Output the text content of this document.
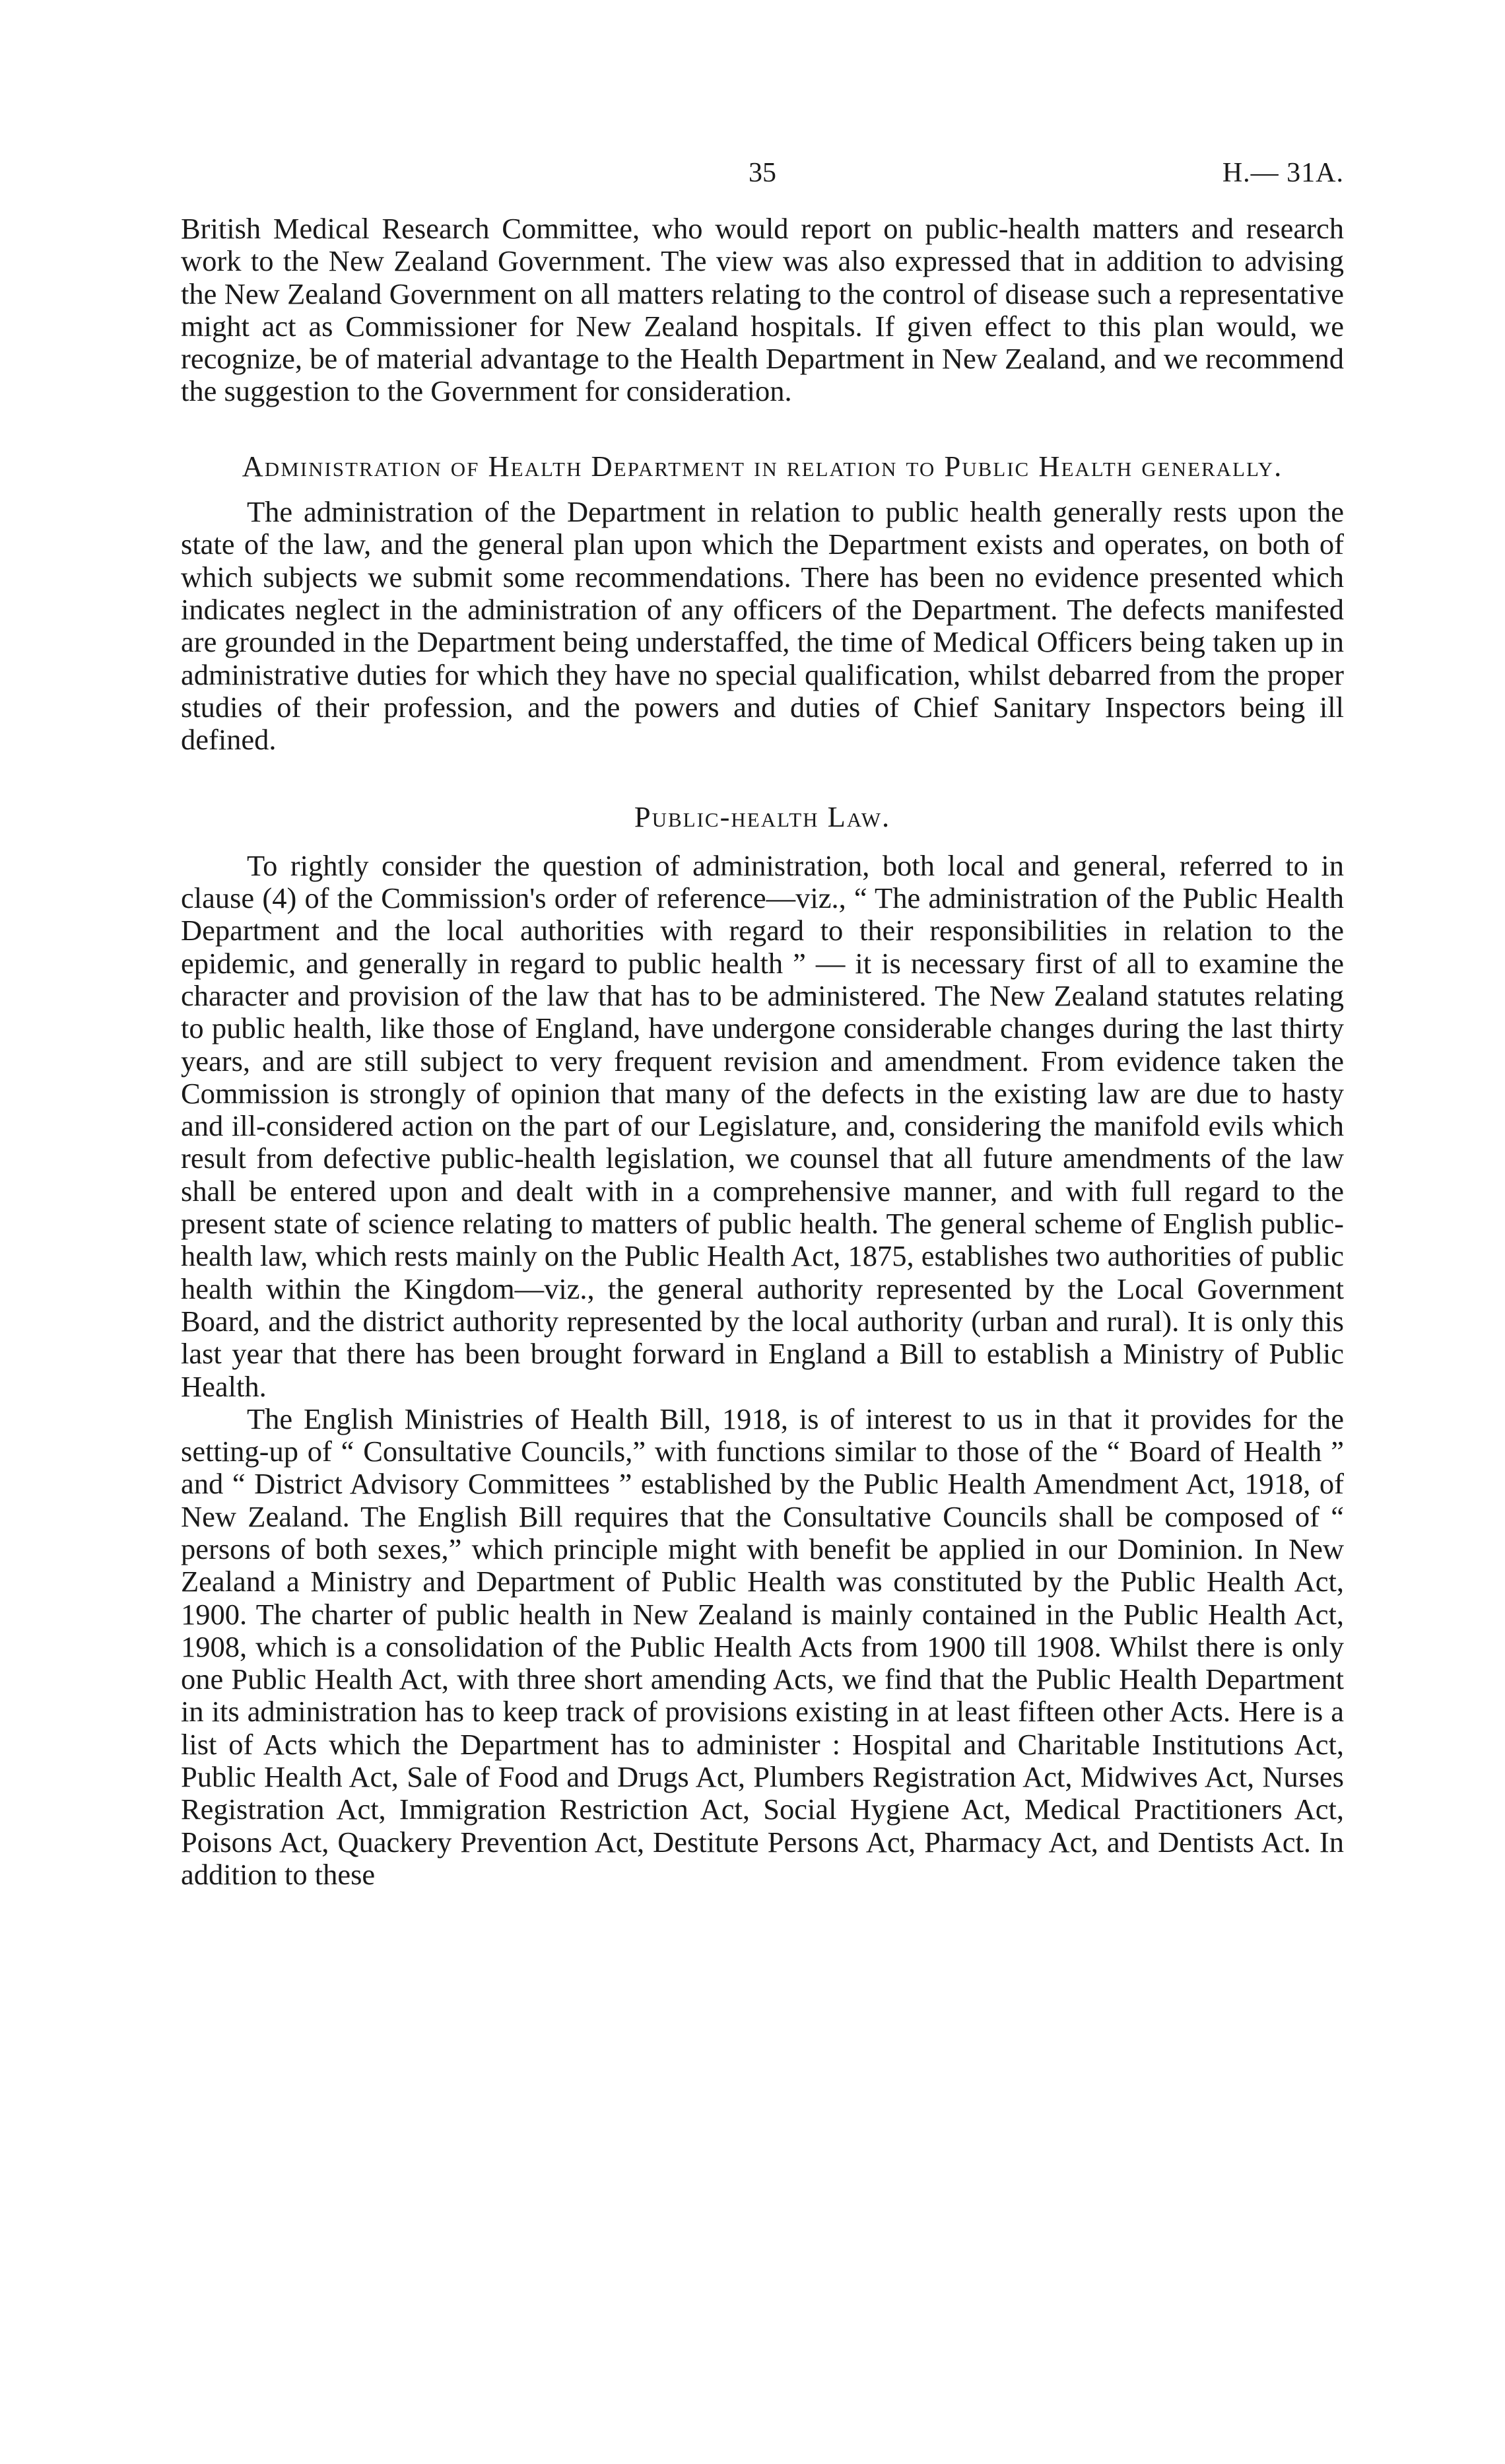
35	H.— 31A.

British Medical Research Committee, who would report on public-health matters and research work to the New Zealand Government. The view was also expressed that in addition to advising the New Zealand Government on all matters relating to the control of disease such a representative might act as Commissioner for New Zealand hospitals. If given effect to this plan would, we recognize, be of material advantage to the Health Department in New Zealand, and we recommend the suggestion to the Government for consideration.

Administration of Health Department in relation to Public Health generally.

The administration of the Department in relation to public health generally rests upon the state of the law, and the general plan upon which the Department exists and operates, on both of which subjects we submit some recommendations. There has been no evidence presented which indicates neglect in the administration of any officers of the Department. The defects manifested are grounded in the Department being understaffed, the time of Medical Officers being taken up in administrative duties for which they have no special qualification, whilst debarred from the proper studies of their profession, and the powers and duties of Chief Sanitary Inspectors being ill defined.

Public-health Law.

To rightly consider the question of administration, both local and general, referred to in clause (4) of the Commission's order of reference—viz., “ The administration of the Public Health Department and the local authorities with regard to their responsibilities in relation to the epidemic, and generally in regard to public health ” — it is necessary first of all to examine the character and provision of the law that has to be administered. The New Zealand statutes relating to public health, like those of England, have undergone considerable changes during the last thirty years, and are still subject to very frequent revision and amendment. From evidence taken the Commission is strongly of opinion that many of the defects in the existing law are due to hasty and ill-considered action on the part of our Legislature, and, considering the manifold evils which result from defective public-health legislation, we counsel that all future amendments of the law shall be entered upon and dealt with in a comprehensive manner, and with full regard to the present state of science relating to matters of public health. The general scheme of English public-health law, which rests mainly on the Public Health Act, 1875, establishes two authorities of public health within the Kingdom—viz., the general authority represented by the Local Government Board, and the district authority represented by the local authority (urban and rural). It is only this last year that there has been brought forward in England a Bill to establish a Ministry of Public Health.

The English Ministries of Health Bill, 1918, is of interest to us in that it provides for the setting-up of “ Consultative Councils,” with functions similar to those of the “ Board of Health ” and “ District Advisory Committees ” established by the Public Health Amendment Act, 1918, of New Zealand. The English Bill requires that the Consultative Councils shall be composed of “ persons of both sexes,” which principle might with benefit be applied in our Dominion. In New Zealand a Ministry and Department of Public Health was constituted by the Public Health Act, 1900. The charter of public health in New Zealand is mainly contained in the Public Health Act, 1908, which is a consolidation of the Public Health Acts from 1900 till 1908. Whilst there is only one Public Health Act, with three short amending Acts, we find that the Public Health Department in its administration has to keep track of provisions existing in at least fifteen other Acts. Here is a list of Acts which the Department has to administer : Hospital and Charitable Institutions Act, Public Health Act, Sale of Food and Drugs Act, Plumbers Registration Act, Midwives Act, Nurses Registration Act, Immigration Restriction Act, Social Hygiene Act, Medical Practitioners Act, Poisons Act, Quackery Prevention Act, Destitute Persons Act, Pharmacy Act, and Dentists Act. In addition to these
